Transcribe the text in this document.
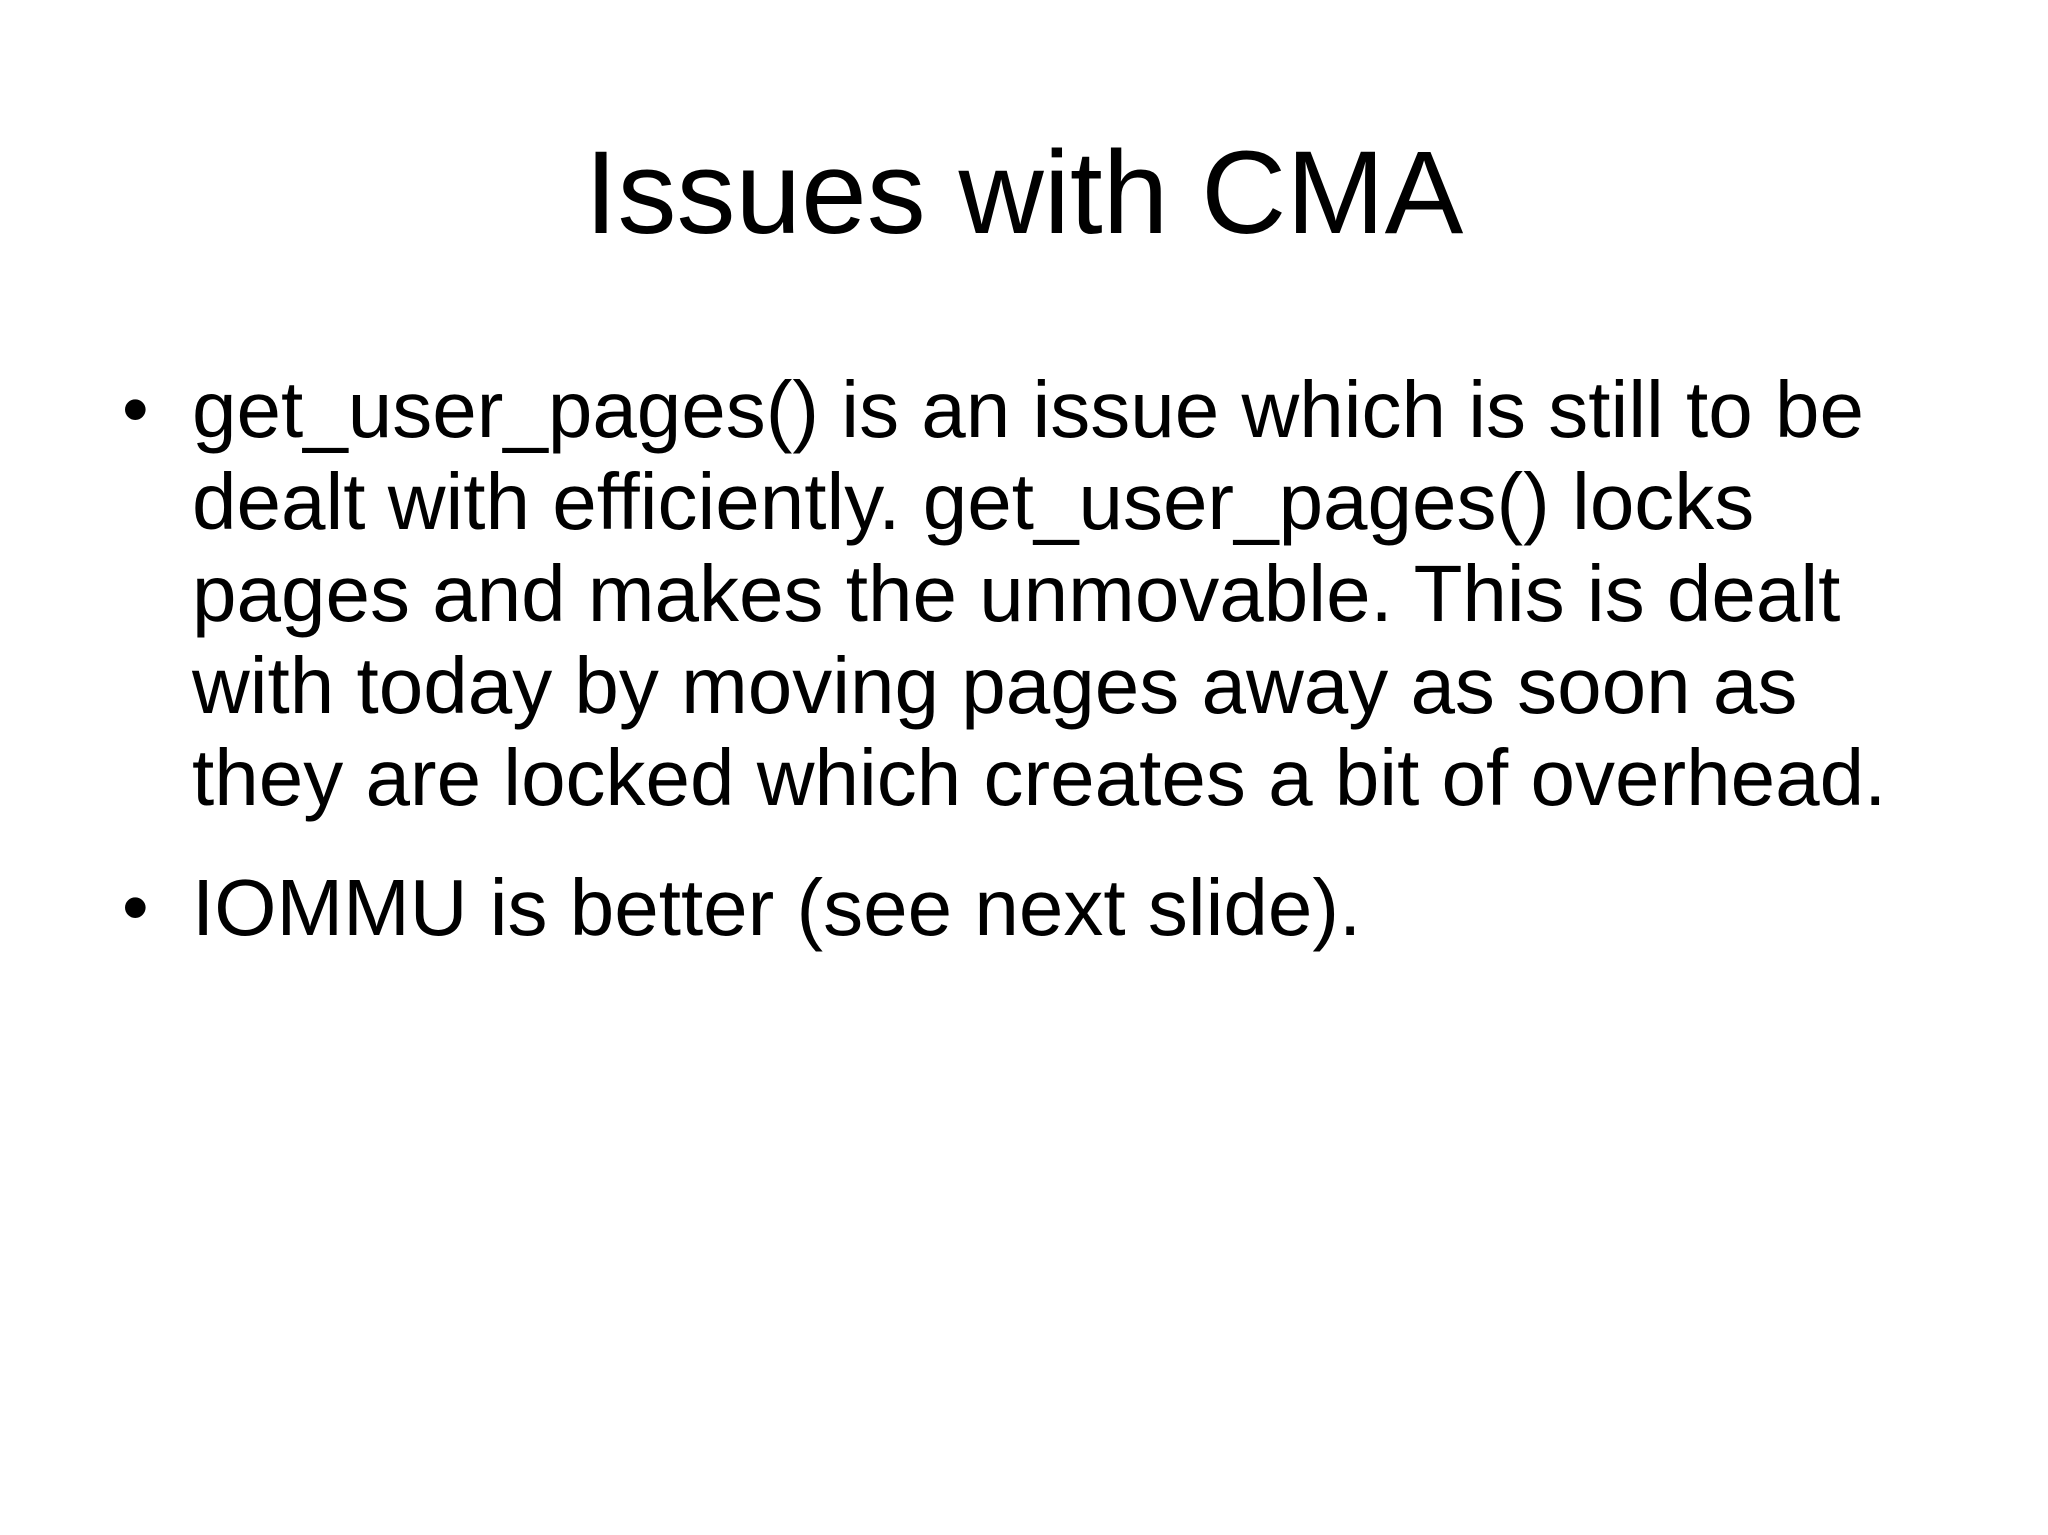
Issues with CMA
• get_user_pages() is an issue which is still to be
dealt with efficiently. get_user_pages() locks
pages and makes the unmovable. This is dealt
with today by moving pages away as soon as
they are locked which creates a bit of overhead.
• IOMMU is better (see next slide).
